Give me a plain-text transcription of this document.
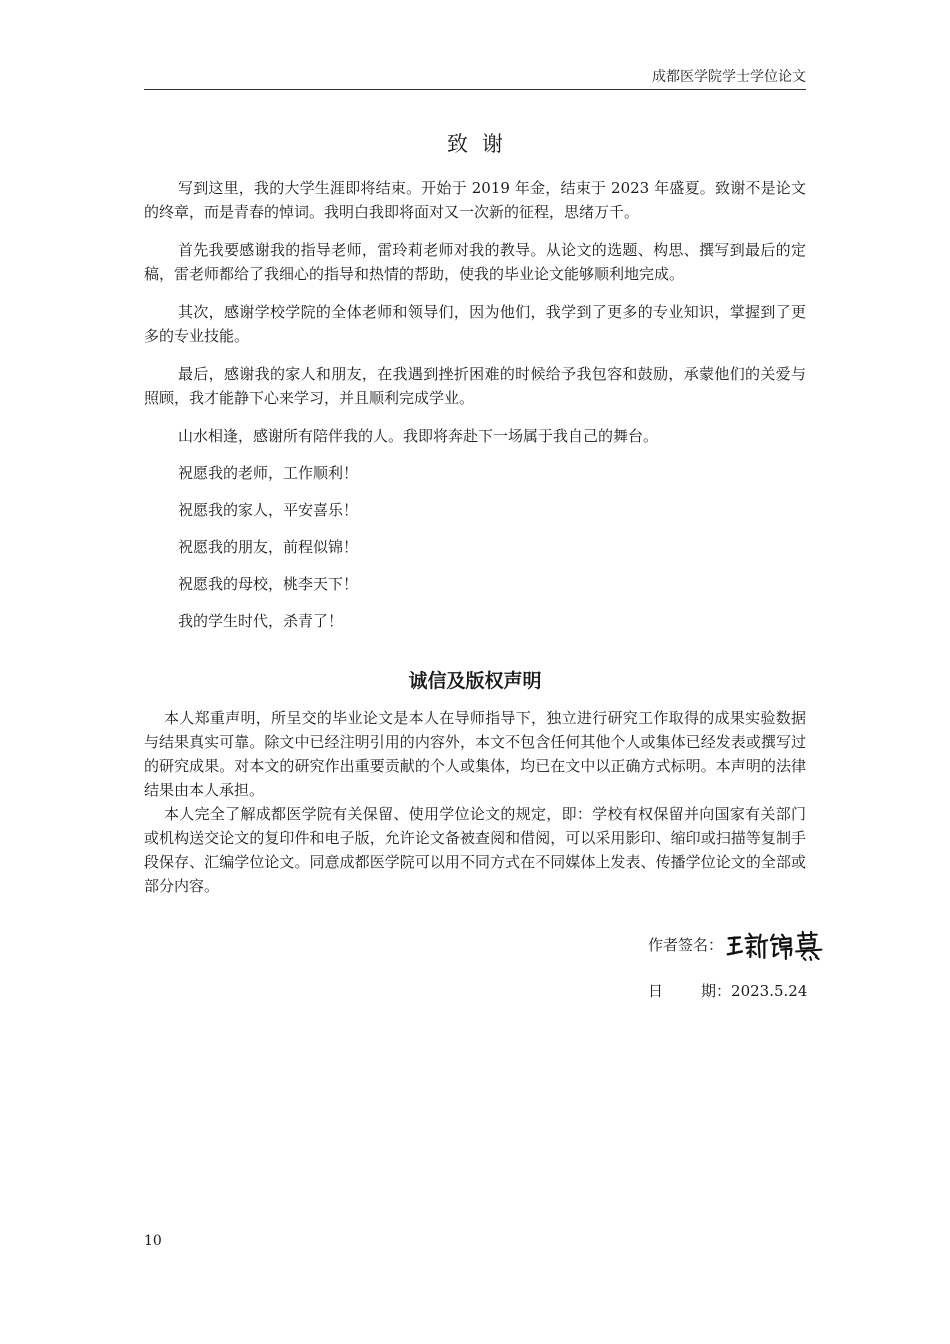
成都医学院学士学位论文
致谢

写到这里，我的大学生涯即将结束。开始于 2019 年金，结束于 2023 年盛夏。致谢不是论文的终章，而是青春的悼词。我明白我即将面对又一次新的征程，思绪万千。

首先我要感谢我的指导老师，雷玲莉老师对我的教导。从论文的选题、构思、撰写到最后的定稿，雷老师都给了我细心的指导和热情的帮助，使我的毕业论文能够顺利地完成。

其次，感谢学校学院的全体老师和领导们，因为他们，我学到了更多的专业知识，掌握到了更多的专业技能。

最后，感谢我的家人和朋友，在我遇到挫折困难的时候给予我包容和鼓励，承蒙他们的关爱与照顾，我才能静下心来学习，并且顺利完成学业。

山水相逢，感谢所有陪伴我的人。我即将奔赴下一场属于我自己的舞台。

祝愿我的老师，工作顺利！

祝愿我的家人，平安喜乐！

祝愿我的朋友，前程似锦！

祝愿我的母校，桃李天下！

我的学生时代，杀青了！

诚信及版权声明

本人郑重声明，所呈交的毕业论文是本人在导师指导下，独立进行研究工作取得的成果实验数据与结果真实可靠。除文中已经注明引用的内容外，本文不包含任何其他个人或集体已经发表或撰写过的研究成果。对本文的研究作出重要贡献的个人或集体，均已在文中以正确方式标明。本声明的法律结果由本人承担。

本人完全了解成都医学院有关保留、使用学位论文的规定，即：学校有权保留并向国家有关部门或机构送交论文的复印件和电子版，允许论文备被查阅和借阅，可以采用影印、缩印或扫描等复制手段保存、汇编学位论文。同意成都医学院可以用不同方式在不同媒体上发表、传播学位论文的全部或部分内容。

作者签名：
日	期：2023.5.24
10
